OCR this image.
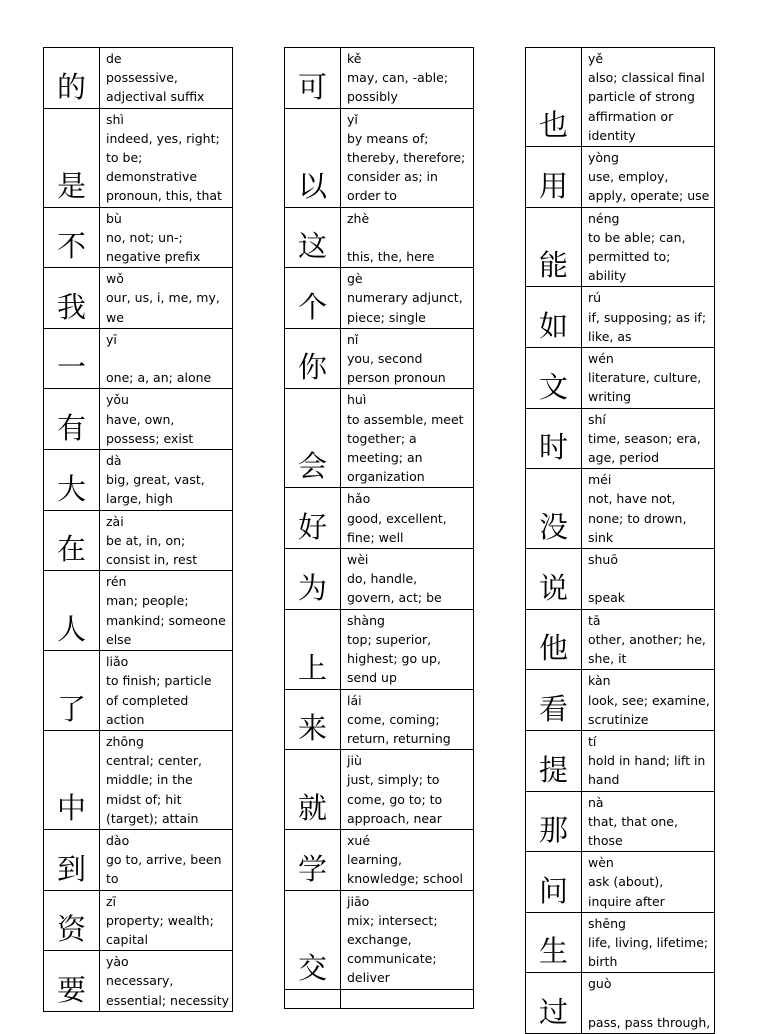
的
de
possessive,
adjectival suffix
是
shì
indeed, yes, right;
to be;
demonstrative
pronoun, this, that
不
bù
no, not; un-;
negative prefix
我
wǒ
our, us, i, me, my,
we
一
yī

one; a, an; alone
有
yǒu
have, own,
possess; exist
大
dà
big, great, vast,
large, high
在
zài
be at, in, on;
consist in, rest
人
rén
man; people;
mankind; someone
else
了
liǎo
to finish; particle
of completed
action
中
zhōng
central; center,
middle; in the
midst of; hit
(target); attain
到
dào
go to, arrive, been
to
资
zī
property; wealth;
capital
要
yào
necessary,
essential; necessity
可
kě
may, can, -able;
possibly
以
yǐ
by means of;
thereby, therefore;
consider as; in
order to
这
zhè

this, the, here
个
gè
numerary adjunct,
piece; single
你
nǐ
you, second
person pronoun
会
huì
to assemble, meet
together; a
meeting; an
organization
好
hǎo
good, excellent,
fine; well
为
wèi
do, handle,
govern, act; be
上
shàng
top; superior,
highest; go up,
send up
来
lái
come, coming;
return, returning
就
jiù
just, simply; to
come, go to; to
approach, near
学
xué
learning,
knowledge; school
交
jiāo
mix; intersect;
exchange,
communicate;
deliver
也
yě
also; classical final
particle of strong
affirmation or
identity
用
yòng
use, employ,
apply, operate; use
能
néng
to be able; can,
permitted to;
ability
如
rú
if, supposing; as if;
like, as
文
wén
literature, culture,
writing
时
shí
time, season; era,
age, period
没
méi
not, have not,
none; to drown,
sink
说
shuō

speak
他
tā
other, another; he,
she, it
看
kàn
look, see; examine,
scrutinize
提
tí
hold in hand; lift in
hand
那
nà
that, that one,
those
问
wèn
ask (about),
inquire after
生
shēng
life, living, lifetime;
birth
过
guò

pass, pass through,
